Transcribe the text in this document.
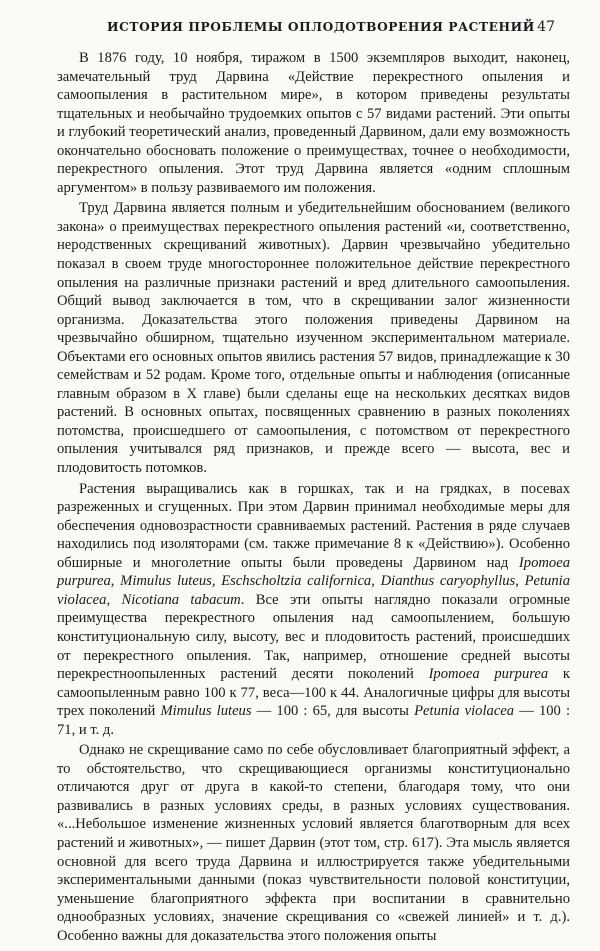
ИСТОРИЯ ПРОБЛЕМЫ ОПЛОДОТВОРЕНИЯ РАСТЕНИЙ 47

В 1876 году, 10 ноября, тиражом в 1500 экземпляров выходит, наконец, замечательный труд Дарвина «Действие перекрестного опыления и самоопыления в растительном мире», в котором приведены результаты тщательных и необычайно трудоемких опытов с 57 видами растений. Эти опыты и глубокий теоретический анализ, проведенный Дарвином, дали ему возможность окончательно обосновать положение о преимуществах, точнее о необходимости, перекрестного опыления. Этот труд Дарвина является «одним сплошным аргументом» в пользу развиваемого им положения.

Труд Дарвина является полным и убедительнейшим обоснованием (великого закона» о преимуществах перекрестного опыления растений «и, соответственно, неродственных скрещиваний животных). Дарвин чрезвычайно убедительно показал в своем труде многостороннее положительное действие перекрестного опыления на различные признаки растений и вред длительного самоопыления. Общий вывод заключается в том, что в скрещивании залог жизненности организма. Доказательства этого положения приведены Дарвином на чрезвычайно обширном, тщательно изученном экспериментальном материале. Объектами его основных опытов явились растения 57 видов, принадлежащие к 30 семействам и 52 родам. Кроме того, отдельные опыты и наблюдения (описанные главным образом в X главе) были сделаны еще на нескольких десятках видов растений. В основных опытах, посвященных сравнению в разных поколениях потомства, происшедшего от самоопыления, с потомством от перекрестного опыления учитывался ряд признаков, и прежде всего — высота, вес и плодовитость потомков.

Растения выращивались как в горшках, так и на грядках, в посевах разреженных и сгущенных. При этом Дарвин принимал необходимые меры для обеспечения одновозрастности сравниваемых растений. Растения в ряде случаев находились под изоляторами (см. также примечание 8 к «Действию»). Особенно обширные и многолетние опыты были проведены Дарвином над Ipomoea purpurea, Mimulus luteus, Eschscholtzia californica, Dianthus caryophyllus, Petunia violacea, Nicotiana tabacum. Все эти опыты наглядно показали огромные преимущества перекрестного опыления над самоопылением, большую конституциональную силу, высоту, вес и плодовитость растений, происшедших от перекрестного опыления. Так, например, отношение средней высоты перекрестноопыленных растений десяти поколений Ipomoea purpurea к самоопыленным равно 100 к 77, веса—100 к 44. Аналогичные цифры для высоты трех поколений Mimulus luteus — 100 : 65, для высоты Petunia violacea — 100 : 71, и т. д.

Однако не скрещивание само по себе обусловливает благоприятный эффект, а то обстоятельство, что скрещивающиеся организмы конституционально отличаются друг от друга в какой-то степени, благодаря тому, что они развивались в разных условиях среды, в разных условиях существования. «...Небольшое изменение жизненных условий является благотворным для всех растений и животных», — пишет Дарвин (этот том, стр. 617). Эта мысль является основной для всего труда Дарвина и иллюстрируется также убедительными экспериментальными данными (показ чувствительности половой конституции, уменьшение благоприятного эффекта при воспитании в сравнительно однообразных условиях, значение скрещивания со «свежей линией» и т. д.). Особенно важны для доказательства этого положения опыты
